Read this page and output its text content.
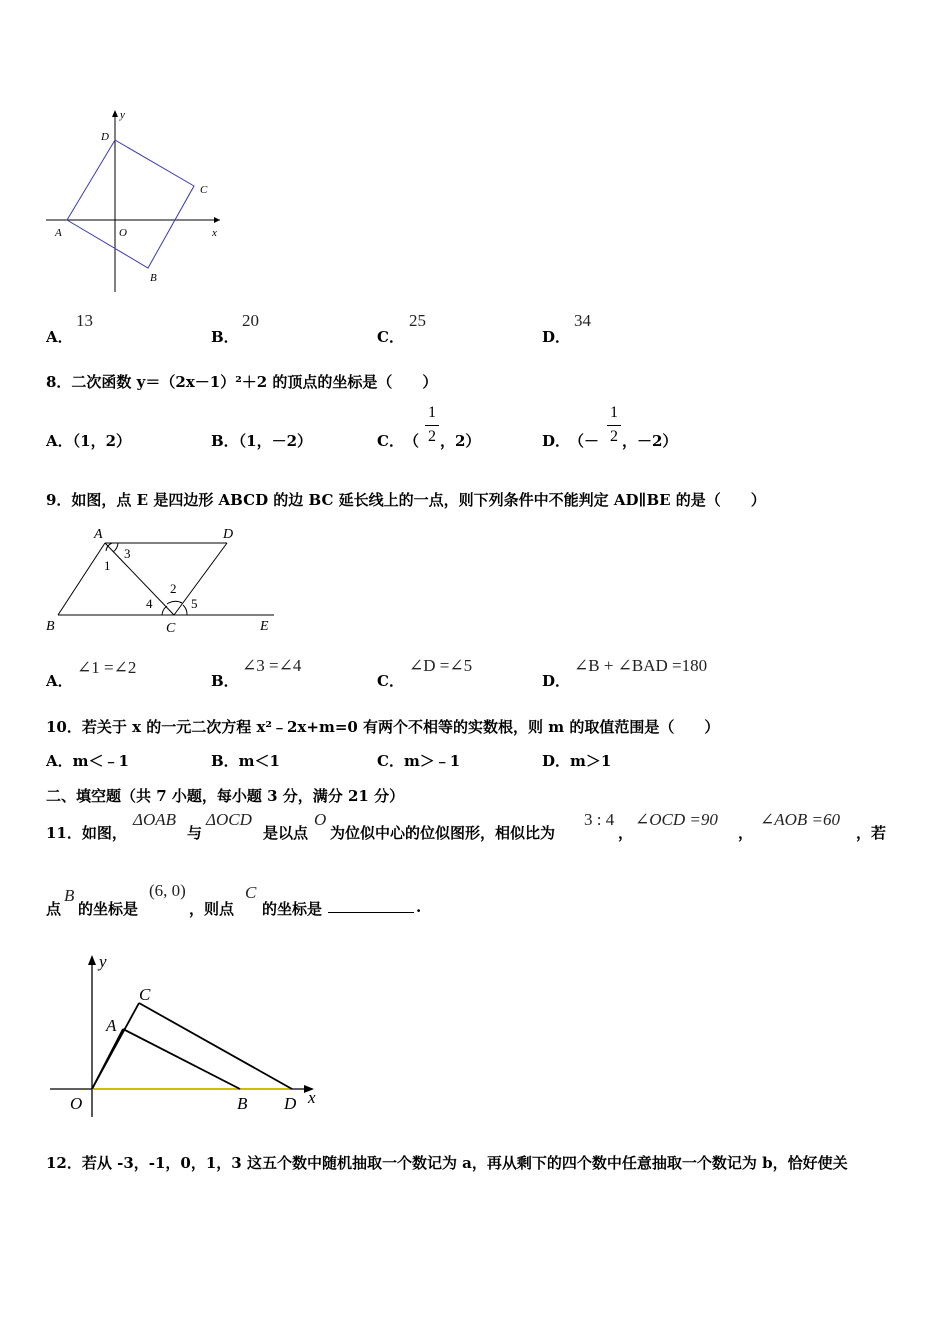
y
x
O
A
B
C
D
A．
13
B．
20
C．
25
D．
34
8．二次函数 y＝（2x－1）²＋2 的顶点的坐标是（　　）
A．（1，2）	B．（1，－2）	C． （
1
2 ，2）	D．
（－
1
2 ，－2）
9．如图，点 E 是四边形 ABCD 的边 BC 延长线上的一点，则下列条件中不能判定 AD∥BE 的是（　　）
A	D
B	C	E
1
2
3
4	5
A．
∠1 =∠2
B．
∠3 =∠4
C．
∠D =∠5
D．
∠B + ∠BAD =180
10．若关于 x 的一元二次方程 x²﹣2x+m=0 有两个不相等的实数根，则 m 的取值范围是（　　）
A．m＜﹣1	B．m＜1	C．m＞﹣1	D．m＞1
二、填空题（共 7 小题，每小题 3 分，满分 21 分）
11．如图，
ΔOAB
与
ΔOCD
是以点
O
为位似中心的位似图形，相似比为
3 : 4
，
∠OCD =90
，
∠AOB =60
，若
点
B
的坐标是
(6, 0)
，则点
C
的坐标是	.
y
x
O
A
B
C
D
12．若从 -3，-1，0，1，3 这五个数中随机抽取一个数记为 a，再从剩下的四个数中任意抽取一个数记为 b，恰好使关
